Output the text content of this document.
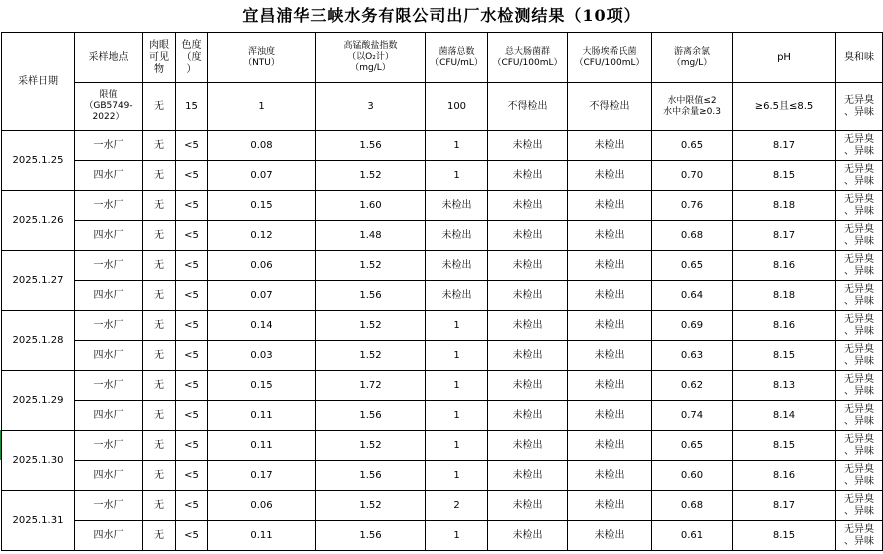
宜昌浦华三峡水务有限公司出厂水检测结果（10项）
采样日期	采样地点	肉眼
可见
物	色度
（度
）	浑浊度
（NTU）	高锰酸盐指数
（以O₂计）
（mg/L）	菌落总数
（CFU/mL）	总大肠菌群
（CFU/100mL）	大肠埃希氏菌
（CFU/100mL）	游离余氯
（mg/L）	pH	臭和味
	限值
（GB5749-
2022）	无	15	1	3	100	不得检出	不得检出	水中限值≤2
水中余量≥0.3	≥6.5且≤8.5	无异臭
、异味
2025.1.25	一水厂	无	<5	0.08	1.56	1	未检出	未检出	0.65	8.17	无异臭
、异味
	四水厂	无	<5	0.07	1.52	1	未检出	未检出	0.70	8.15	无异臭
、异味
2025.1.26	一水厂	无	<5	0.15	1.60	未检出	未检出	未检出	0.76	8.18	无异臭
、异味
	四水厂	无	<5	0.12	1.48	未检出	未检出	未检出	0.68	8.17	无异臭
、异味
2025.1.27	一水厂	无	<5	0.06	1.52	未检出	未检出	未检出	0.65	8.16	无异臭
、异味
	四水厂	无	<5	0.07	1.56	未检出	未检出	未检出	0.64	8.18	无异臭
、异味
2025.1.28	一水厂	无	<5	0.14	1.52	1	未检出	未检出	0.69	8.16	无异臭
、异味
	四水厂	无	<5	0.03	1.52	1	未检出	未检出	0.63	8.15	无异臭
、异味
2025.1.29	一水厂	无	<5	0.15	1.72	1	未检出	未检出	0.62	8.13	无异臭
、异味
	四水厂	无	<5	0.11	1.56	1	未检出	未检出	0.74	8.14	无异臭
、异味
2025.1.30	一水厂	无	<5	0.11	1.52	1	未检出	未检出	0.65	8.15	无异臭
、异味
	四水厂	无	<5	0.17	1.56	1	未检出	未检出	0.60	8.16	无异臭
、异味
2025.1.31	一水厂	无	<5	0.06	1.52	2	未检出	未检出	0.68	8.17	无异臭
、异味
	四水厂	无	<5	0.11	1.56	1	未检出	未检出	0.61	8.15	无异臭
、异味
